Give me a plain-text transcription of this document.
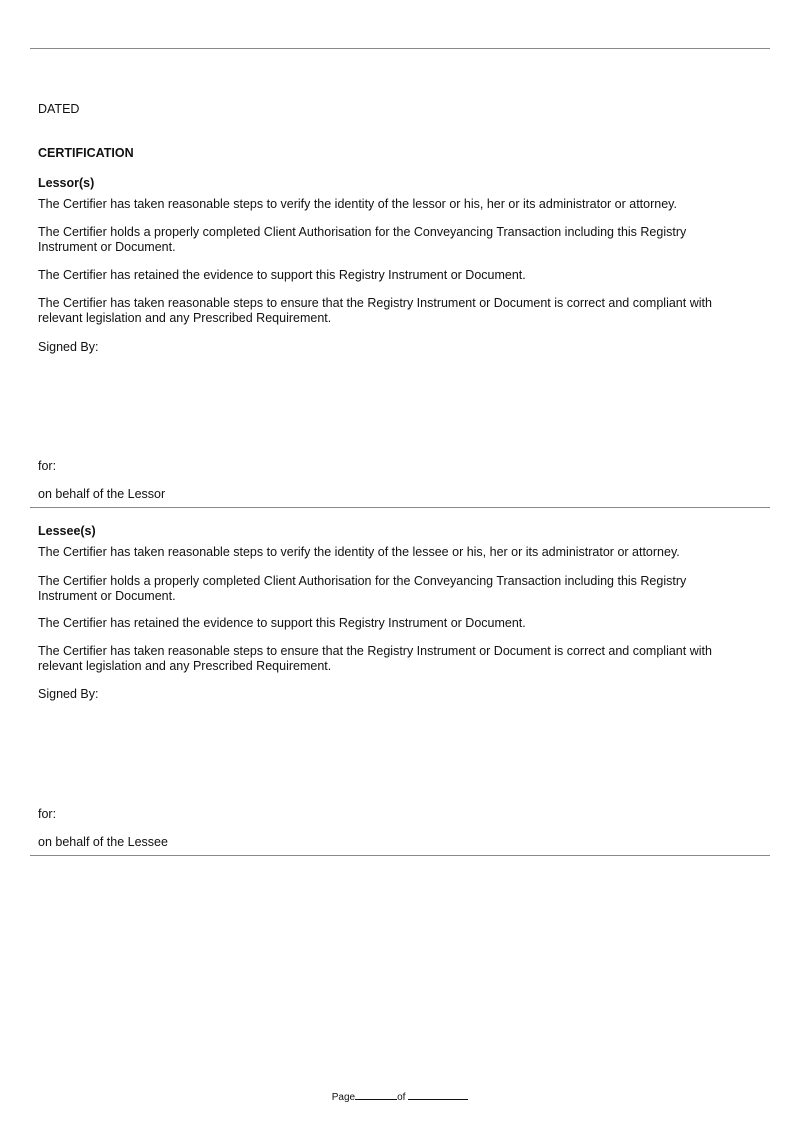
DATED

CERTIFICATION

Lessor(s)

The Certifier has taken reasonable steps to verify the identity of the lessor or his, her or its administrator or attorney.

The Certifier holds a properly completed Client Authorisation for the Conveyancing Transaction including this Registry Instrument or Document.

The Certifier has retained the evidence to support this Registry Instrument or Document.

The Certifier has taken reasonable steps to ensure that the Registry Instrument or Document is correct and compliant with relevant legislation and any Prescribed Requirement.

Signed By:

for:

on behalf of the Lessor

Lessee(s)

The Certifier has taken reasonable steps to verify the identity of the lessee or his, her or its administrator or attorney.

The Certifier holds a properly completed Client Authorisation for the Conveyancing Transaction including this Registry Instrument or Document.

The Certifier has retained the evidence to support this Registry Instrument or Document.

The Certifier has taken reasonable steps to ensure that the Registry Instrument or Document is correct and compliant with relevant legislation and any Prescribed Requirement.

Signed By:

for:

on behalf of the Lessee

Page	of
